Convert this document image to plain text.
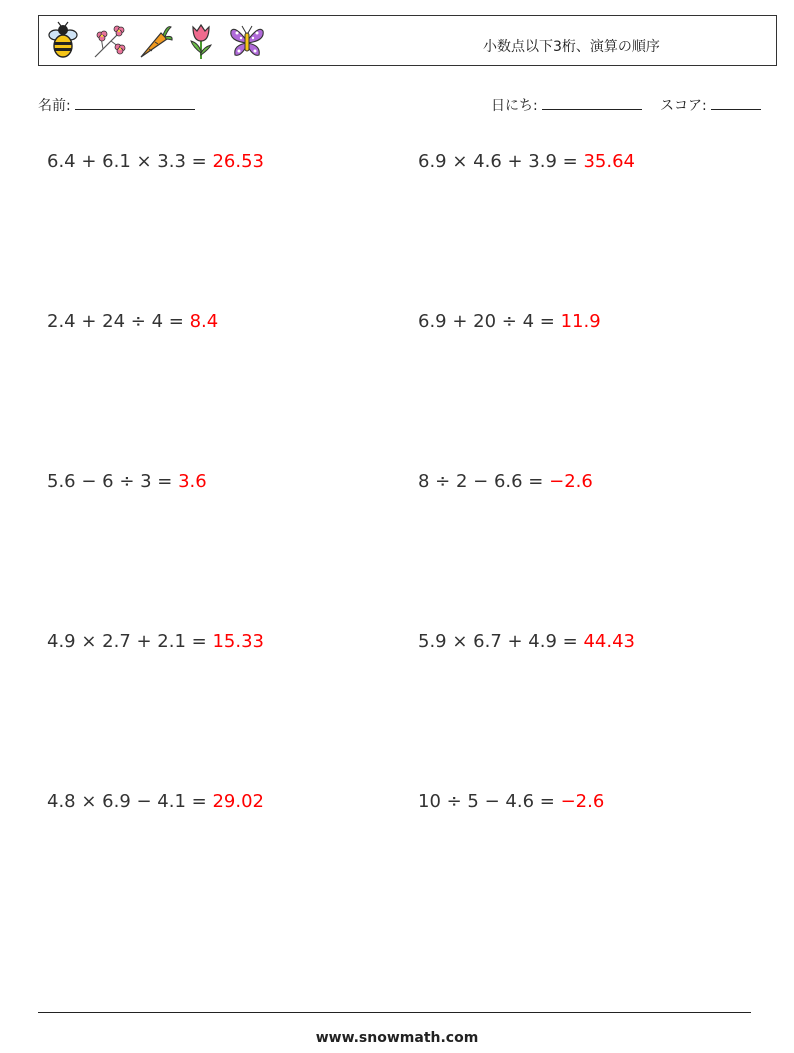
小数点以下3桁、演算の順序
名前:	日にち:	スコア:
6.4 + 6.1 × 3.3 = 26.53	6.9 × 4.6 + 3.9 = 35.64
2.4 + 24 ÷ 4 = 8.4	6.9 + 20 ÷ 4 = 11.9
5.6 − 6 ÷ 3 = 3.6	8 ÷ 2 − 6.6 = −2.6
4.9 × 2.7 + 2.1 = 15.33	5.9 × 6.7 + 4.9 = 44.43
4.8 × 6.9 − 4.1 = 29.02	10 ÷ 5 − 4.6 = −2.6
www.snowmath.com
